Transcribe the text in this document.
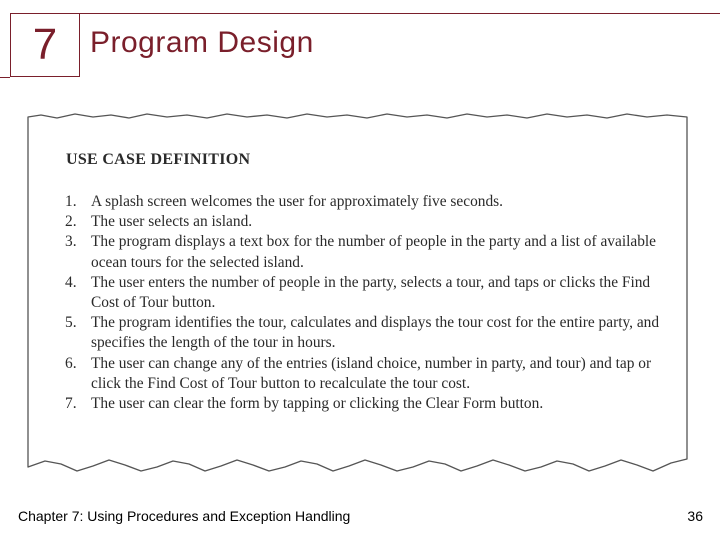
7 Program Design
USE CASE DEFINITION
1. A splash screen welcomes the user for approximately five seconds.
2. The user selects an island.
3. The program displays a text box for the number of people in the party and a list of available ocean tours for the selected island.
4. The user enters the number of people in the party, selects a tour, and taps or clicks the Find Cost of Tour button.
5. The program identifies the tour, calculates and displays the tour cost for the entire party, and specifies the length of the tour in hours.
6. The user can change any of the entries (island choice, number in party, and tour) and tap or click the Find Cost of Tour button to recalculate the tour cost.
7. The user can clear the form by tapping or clicking the Clear Form button.
Chapter 7: Using Procedures and Exception Handling	36
